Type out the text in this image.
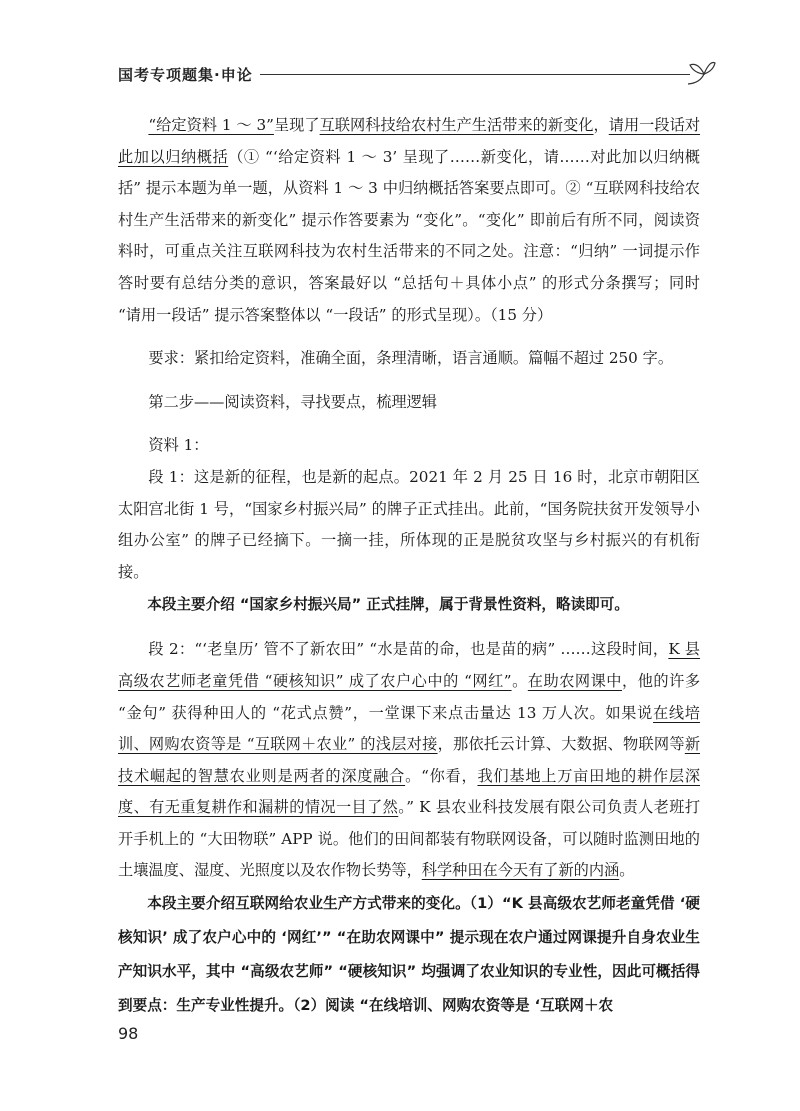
国考专项题集·申论

“给定资料 1 ～ 3”呈现了互联网科技给农村生产生活带来的新变化，请用一段话对此加以归纳概括（① “‘给定资料 1 ～ 3’ 呈现了……新变化，请……对此加以归纳概括” 提示本题为单一题，从资料 1 ～ 3 中归纳概括答案要点即可。② “互联网科技给农村生产生活带来的新变化” 提示作答要素为 “变化”。“变化” 即前后有所不同，阅读资料时，可重点关注互联网科技为农村生活带来的不同之处。注意：“归纳” 一词提示作答时要有总结分类的意识，答案最好以 “总括句＋具体小点” 的形式分条撰写；同时 “请用一段话” 提示答案整体以 “一段话” 的形式呈现）。（15 分）

要求：紧扣给定资料，准确全面，条理清晰，语言通顺。篇幅不超过 250 字。

第二步——阅读资料，寻找要点，梳理逻辑

资料 1：

段 1：这是新的征程，也是新的起点。2021 年 2 月 25 日 16 时，北京市朝阳区太阳宫北街 1 号，“国家乡村振兴局” 的牌子正式挂出。此前，“国务院扶贫开发领导小组办公室” 的牌子已经摘下。一摘一挂，所体现的正是脱贫攻坚与乡村振兴的有机衔接。

本段主要介绍 “国家乡村振兴局” 正式挂牌，属于背景性资料，略读即可。

段 2：“‘老皇历’ 管不了新农田” “水是苗的命，也是苗的病” ……这段时间，K 县高级农艺师老童凭借 “硬核知识” 成了农户心中的 “网红”。在助农网课中，他的许多 “金句” 获得种田人的 “花式点赞”，一堂课下来点击量达 13 万人次。如果说在线培训、网购农资等是 “互联网＋农业” 的浅层对接，那依托云计算、大数据、物联网等新技术崛起的智慧农业则是两者的深度融合。“你看，我们基地上万亩田地的耕作层深度、有无重复耕作和漏耕的情况一目了然。” K 县农业科技发展有限公司负责人老班打开手机上的 “大田物联” APP 说。他们的田间都装有物联网设备，可以随时监测田地的土壤温度、湿度、光照度以及农作物长势等，科学种田在今天有了新的内涵。

本段主要介绍互联网给农业生产方式带来的变化。（1）“K 县高级农艺师老童凭借 ‘硬核知识’ 成了农户心中的 ‘网红’” “在助农网课中” 提示现在农户通过网课提升自身农业生产知识水平，其中 “高级农艺师” “硬核知识” 均强调了农业知识的专业性，因此可概括得到要点：生产专业性提升。（2）阅读 “在线培训、网购农资等是 ‘互联网＋农

98
